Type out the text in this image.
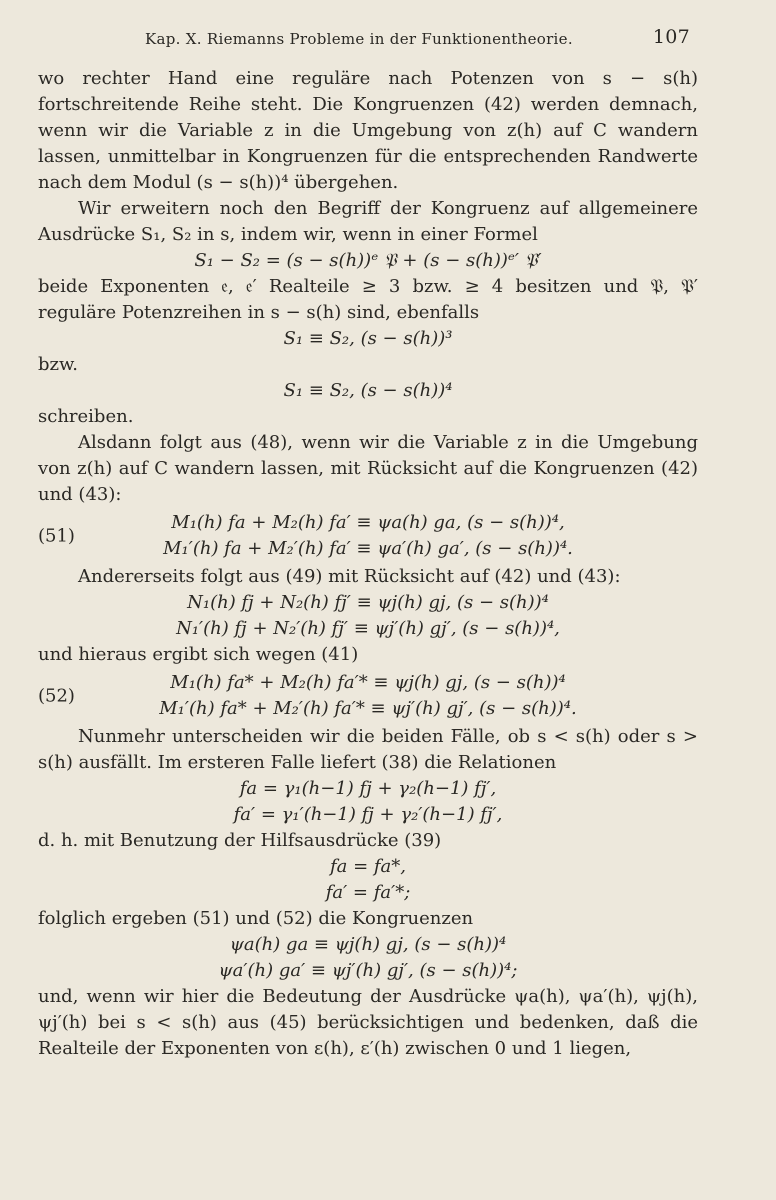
Kap. X. Riemanns Probleme in der Funktionentheorie.	107

wo rechter Hand eine reguläre nach Potenzen von s − s(h) fortschreitende Reihe steht. Die Kongruenzen (42) werden demnach, wenn wir die Variable z in die Umgebung von z(h) auf C wandern lassen, unmittelbar in Kongruenzen für die entsprechenden Randwerte nach dem Modul (s − s(h))⁴ übergehen.

Wir erweitern noch den Begriff der Kongruenz auf allgemeinere Ausdrücke S₁, S₂ in s, indem wir, wenn in einer Formel

S₁ − S₂ = (s − s(h))ᵉ 𝔓 + (s − s(h))ᵉ′ 𝔓′

beide Exponenten 𝔢, 𝔢′ Realteile ≥ 3 bzw. ≥ 4 besitzen und 𝔓, 𝔓′ reguläre Potenzreihen in s − s(h) sind, ebenfalls

S₁ ≡ S₂, (s − s(h))³

bzw.

S₁ ≡ S₂, (s − s(h))⁴

schreiben.

Alsdann folgt aus (48), wenn wir die Variable z in die Umgebung von z(h) auf C wandern lassen, mit Rücksicht auf die Kongruenzen (42) und (43):

(51)
M₁(h) fa + M₂(h) fa′ ≡ ψa(h) ga, (s − s(h))⁴,
M₁′(h) fa + M₂′(h) fa′ ≡ ψa′(h) ga′, (s − s(h))⁴.

Andererseits folgt aus (49) mit Rücksicht auf (42) und (43):

N₁(h) fj + N₂(h) fj′ ≡ ψj(h) gj, (s − s(h))⁴
N₁′(h) fj + N₂′(h) fj′ ≡ ψj′(h) gj′, (s − s(h))⁴,

und hieraus ergibt sich wegen (41)

(52)
M₁(h) fa* + M₂(h) fa′* ≡ ψj(h) gj, (s − s(h))⁴
M₁′(h) fa* + M₂′(h) fa′* ≡ ψj′(h) gj′, (s − s(h))⁴.

Nunmehr unterscheiden wir die beiden Fälle, ob s < s(h) oder s > s(h) ausfällt. Im ersteren Falle liefert (38) die Relationen

fa = γ₁(h−1) fj + γ₂(h−1) fj′,
fa′ = γ₁′(h−1) fj + γ₂′(h−1) fj′,

d. h. mit Benutzung der Hilfsausdrücke (39)

fa = fa*,
fa′ = fa′*;

folglich ergeben (51) und (52) die Kongruenzen

ψa(h) ga ≡ ψj(h) gj, (s − s(h))⁴
ψa′(h) ga′ ≡ ψj′(h) gj′, (s − s(h))⁴;

und, wenn wir hier die Bedeutung der Ausdrücke ψa(h), ψa′(h), ψj(h), ψj′(h) bei s < s(h) aus (45) berücksichtigen und bedenken, daß die Realteile der Exponenten von ε(h), ε′(h) zwischen 0 und 1 liegen,
